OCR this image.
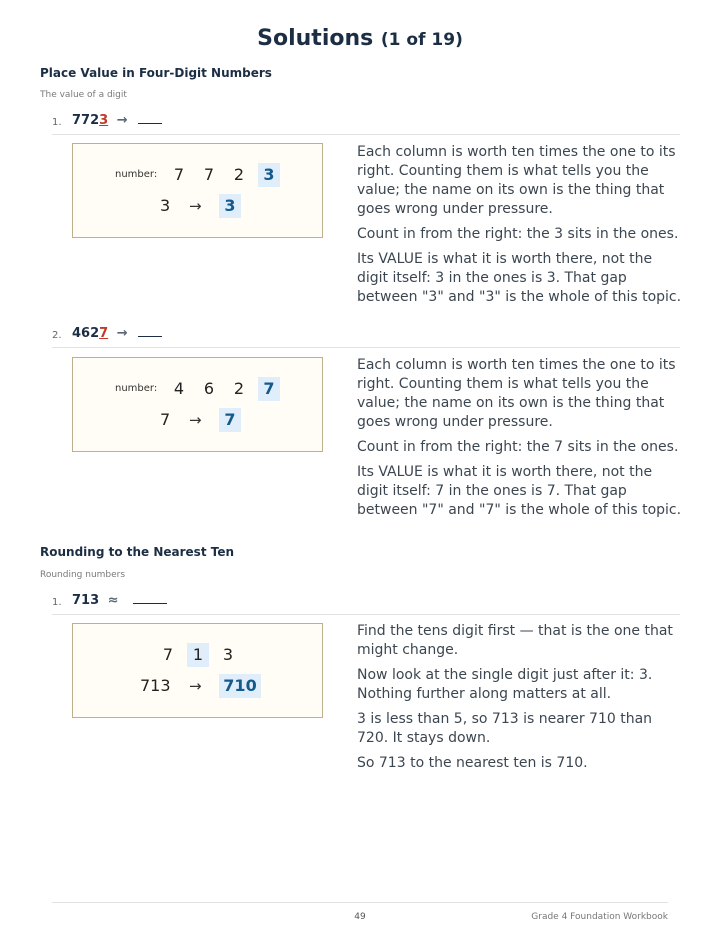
Solutions (1 of 19)
Place Value in Four-Digit Numbers
The value of a digit
1. 7723 →
number:	7	7	2	3
3 →	3

Each column is worth ten times the one to its right. Counting them is what tells you the value; the name on its own is the thing that goes wrong under pressure.

Count in from the right: the 3 sits in the ones.

Its VALUE is what it is worth there, not the digit itself: 3 in the ones is 3. That gap between "3" and "3" is the whole of this topic.

2. 4627 →
number:	4	6	2	7
7 →	7

Each column is worth ten times the one to its right. Counting them is what tells you the value; the name on its own is the thing that goes wrong under pressure.

Count in from the right: the 7 sits in the ones.

Its VALUE is what it is worth there, not the digit itself: 7 in the ones is 7. That gap between "7" and "7" is the whole of this topic.

Rounding to the Nearest Ten
Rounding numbers
1. 713 ≈
7	1	3
713 → 710

Find the tens digit first — that is the one that might change.

Now look at the single digit just after it: 3. Nothing further along matters at all.

3 is less than 5, so 713 is nearer 710 than 720. It stays down.

So 713 to the nearest ten is 710.

49	Grade 4 Foundation Workbook
